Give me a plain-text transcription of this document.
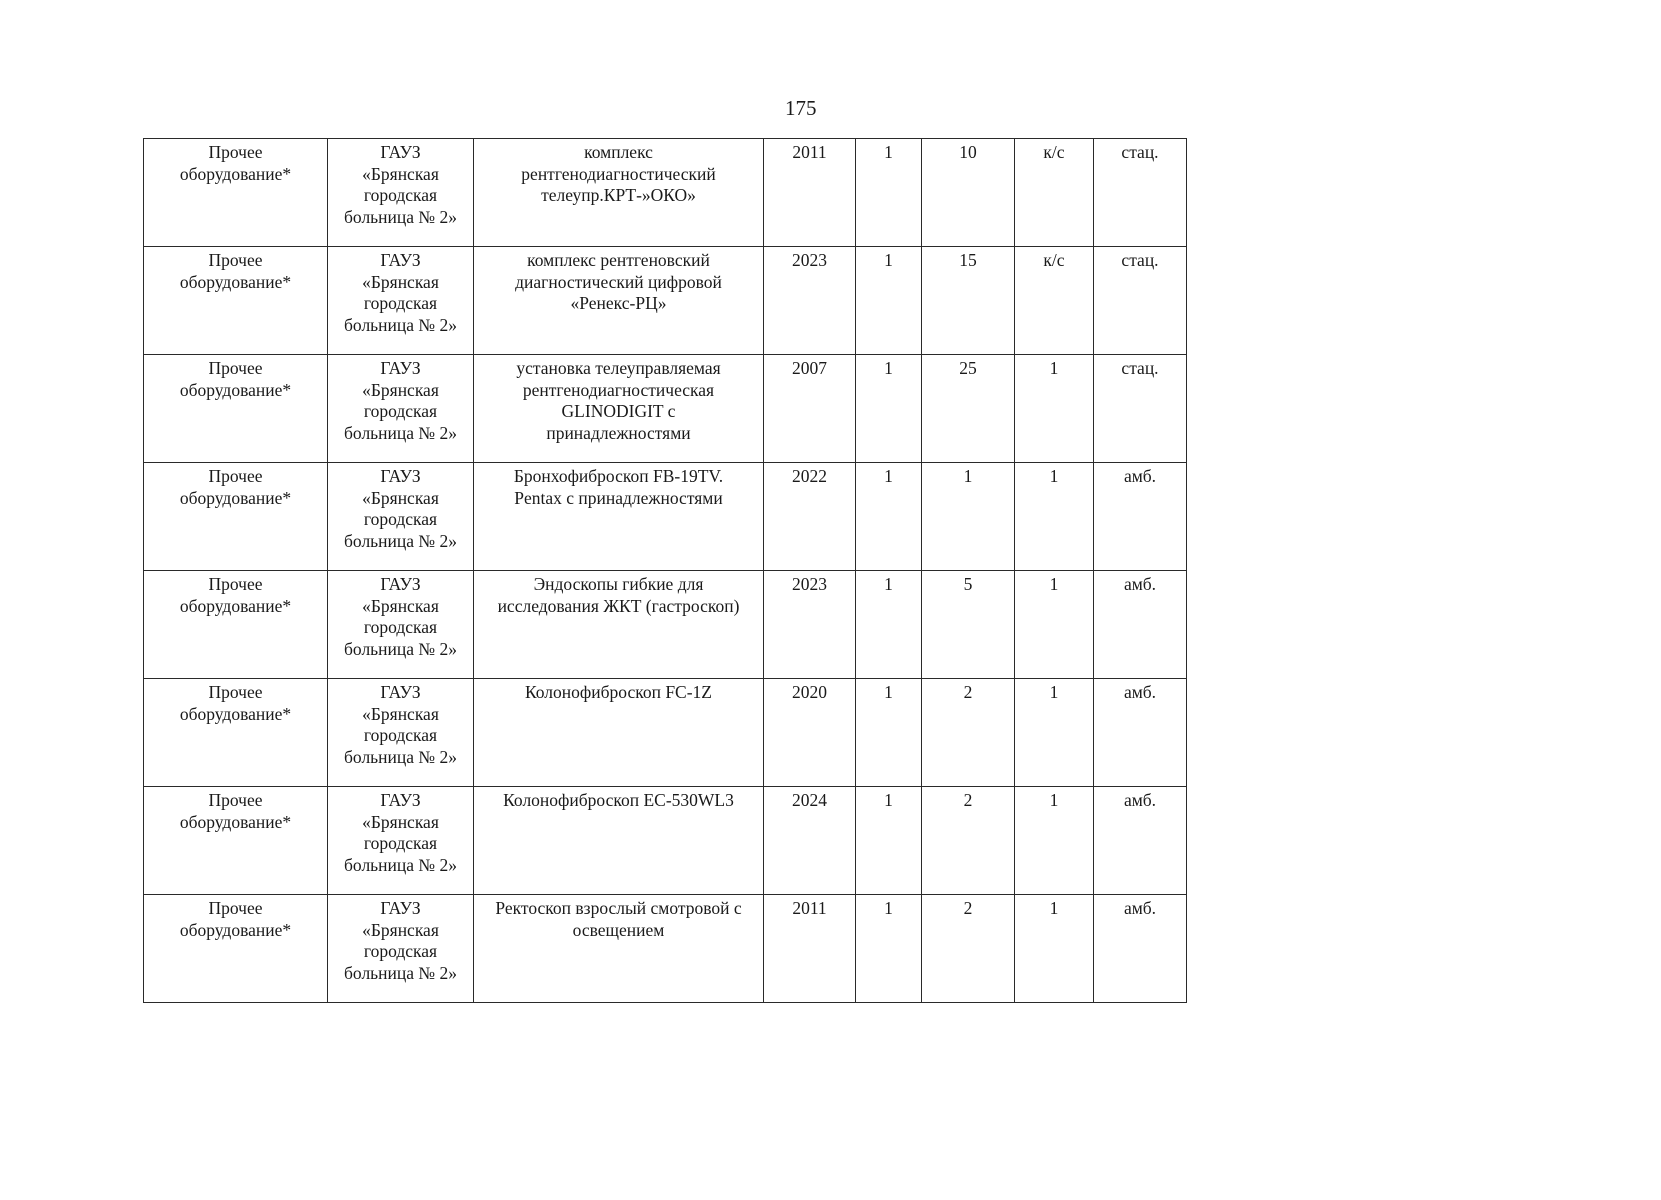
175
Прочее
оборудование*	ГАУЗ
«Брянская
городская
больница № 2»	комплекс
рентгенодиагностический
телеупр.КРТ-»ОКО»	2011	1	10	к/с	стац.
Прочее
оборудование*	ГАУЗ
«Брянская
городская
больница № 2»	комплекс рентгеновский
диагностический цифровой
«Ренекс-РЦ»	2023	1	15	к/с	стац.
Прочее
оборудование*	ГАУЗ
«Брянская
городская
больница № 2»	установка телеуправляемая
рентгенодиагностическая
GLINODIGIT с
принадлежностями	2007	1	25	1	стац.
Прочее
оборудование*	ГАУЗ
«Брянская
городская
больница № 2»	Бронхофиброскоп FB-19TV.
Pentax с принадлежностями	2022	1	1	1	амб.
Прочее
оборудование*	ГАУЗ
«Брянская
городская
больница № 2»	Эндоскопы гибкие для
исследования ЖКТ (гастроскоп)	2023	1	5	1	амб.
Прочее
оборудование*	ГАУЗ
«Брянская
городская
больница № 2»	Колонофиброскоп FC-1Z	2020	1	2	1	амб.
Прочее
оборудование*	ГАУЗ
«Брянская
городская
больница № 2»	Колонофиброскоп ЕС-530WL3	2024	1	2	1	амб.
Прочее
оборудование*	ГАУЗ
«Брянская
городская
больница № 2»	Ректоскоп взрослый смотровой с
освещением	2011	1	2	1	амб.
